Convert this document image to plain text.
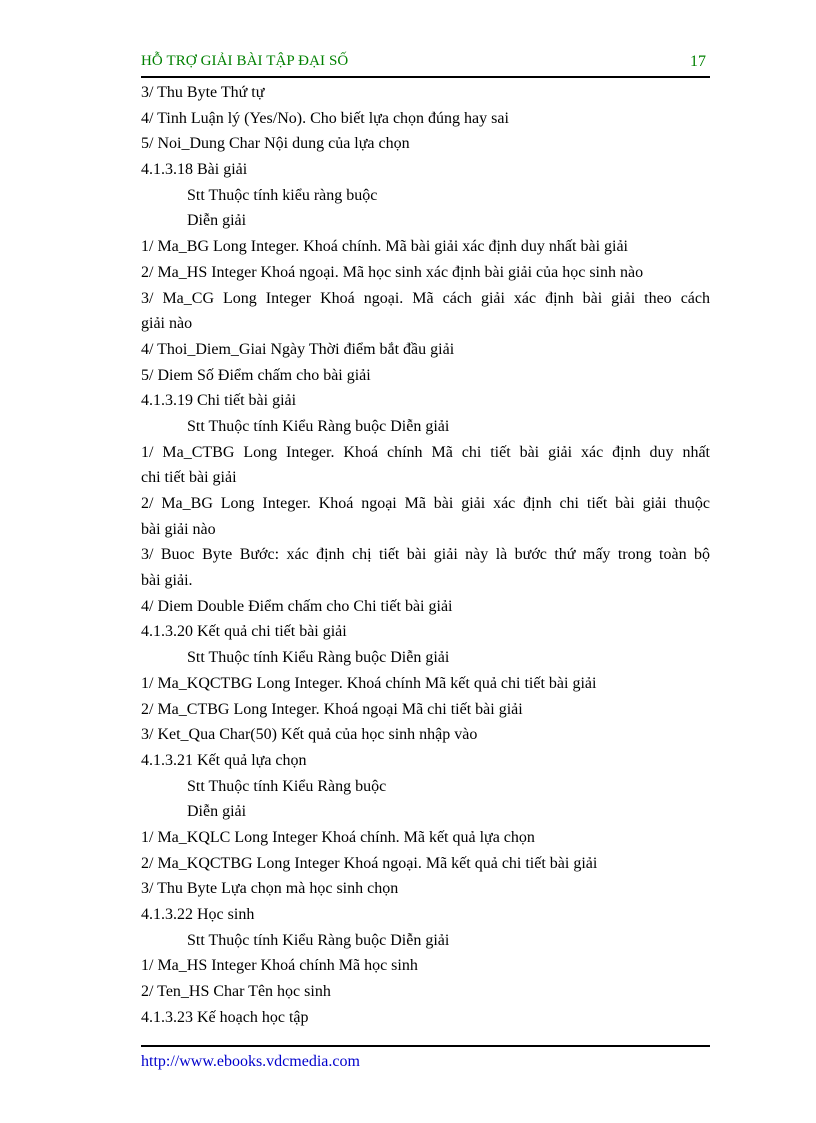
HỖ TRỢ GIẢI BÀI TẬP ĐẠI SỐ	17
3/ Thu Byte Thứ tự
4/ Tinh Luận lý (Yes/No). Cho biết lựa chọn đúng hay sai
5/ Noi_Dung Char Nội dung của lựa chọn
4.1.3.18 Bài giải
Stt Thuộc tính kiểu ràng buộc
Diễn giải
1/ Ma_BG Long Integer. Khoá chính. Mã bài giải xác định duy nhất bài giải
2/ Ma_HS Integer Khoá ngoại. Mã học sinh xác định bài giải của học sinh nào
3/ Ma_CG Long Integer Khoá ngoại. Mã cách giải xác định bài giải theo cách
giải nào
4/ Thoi_Diem_Giai Ngày Thời điểm bắt đầu giải
5/ Diem Số Điểm chấm cho bài giải
4.1.3.19 Chi tiết bài giải
Stt Thuộc tính Kiểu Ràng buộc Diễn giải
1/ Ma_CTBG Long Integer. Khoá chính Mã chi tiết bài giải xác định duy nhất
chi tiết bài giải
2/ Ma_BG Long Integer. Khoá ngoại Mã bài giải xác định chi tiết bài giải thuộc
bài giải nào
3/ Buoc Byte Bước: xác định chị tiết bài giải này là bước thứ mấy trong toàn bộ
bài giải.
4/ Diem Double Điểm chấm cho Chi tiết bài giải
4.1.3.20 Kết quả chi tiết bài giải
Stt Thuộc tính Kiểu Ràng buộc Diễn giải
1/ Ma_KQCTBG Long Integer. Khoá chính Mã kết quả chi tiết bài giải
2/ Ma_CTBG Long Integer. Khoá ngoại Mã chi tiết bài giải
3/ Ket_Qua Char(50) Kết quả của học sinh nhập vào
4.1.3.21 Kết quả lựa chọn
Stt Thuộc tính Kiểu Ràng buộc
Diễn giải
1/ Ma_KQLC Long Integer Khoá chính. Mã kết quả lựa chọn
2/ Ma_KQCTBG Long Integer Khoá ngoại. Mã kết quả chi tiết bài giải
3/ Thu Byte Lựa chọn mà học sinh chọn
4.1.3.22 Học sinh
Stt Thuộc tính Kiểu Ràng buộc Diễn giải
1/ Ma_HS Integer Khoá chính Mã học sinh
2/ Ten_HS Char Tên học sinh
4.1.3.23 Kế hoạch học tập
http://www.ebooks.vdcmedia.com
